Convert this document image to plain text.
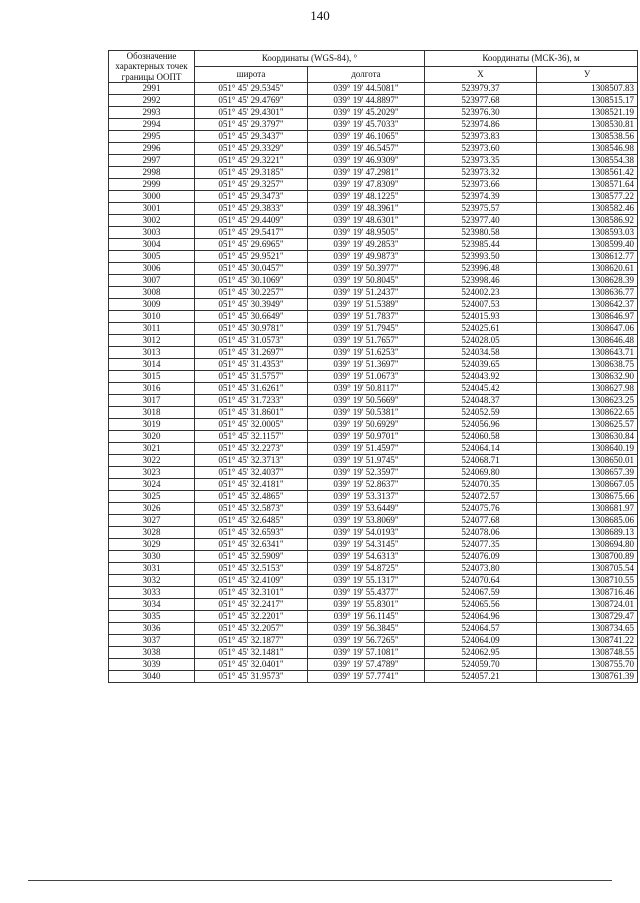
140
Обозначение характерных точек границы ООПТ	Координаты (WGS-84), °		Координаты (МСК-36), м	
	широта	долгота	Х	У
2991	051° 45' 29.5345"	039° 19' 44.5081"	523979.37	1308507.83
2992	051° 45' 29.4769"	039° 19' 44.8897"	523977.68	1308515.17
2993	051° 45' 29.4301"	039° 19' 45.2029"	523976.30	1308521.19
2994	051° 45' 29.3797"	039° 19' 45.7033"	523974.86	1308530.81
2995	051° 45' 29.3437"	039° 19' 46.1065"	523973.83	1308538.56
2996	051° 45' 29.3329"	039° 19' 46.5457"	523973.60	1308546.98
2997	051° 45' 29.3221"	039° 19' 46.9309"	523973.35	1308554.38
2998	051° 45' 29.3185"	039° 19' 47.2981"	523973.32	1308561.42
2999	051° 45' 29.3257"	039° 19' 47.8309"	523973.66	1308571.64
3000	051° 45' 29.3473"	039° 19' 48.1225"	523974.39	1308577.22
3001	051° 45' 29.3833"	039° 19' 48.3961"	523975.57	1308582.46
3002	051° 45' 29.4409"	039° 19' 48.6301"	523977.40	1308586.92
3003	051° 45' 29.5417"	039° 19' 48.9505"	523980.58	1308593.03
3004	051° 45' 29.6965"	039° 19' 49.2853"	523985.44	1308599.40
3005	051° 45' 29.9521"	039° 19' 49.9873"	523993.50	1308612.77
3006	051° 45' 30.0457"	039° 19' 50.3977"	523996.48	1308620.61
3007	051° 45' 30.1069"	039° 19' 50.8045"	523998.46	1308628.39
3008	051° 45' 30.2257"	039° 19' 51.2437"	524002.23	1308636.77
3009	051° 45' 30.3949"	039° 19' 51.5389"	524007.53	1308642.37
3010	051° 45' 30.6649"	039° 19' 51.7837"	524015.93	1308646.97
3011	051° 45' 30.9781"	039° 19' 51.7945"	524025.61	1308647.06
3012	051° 45' 31.0573"	039° 19' 51.7657"	524028.05	1308646.48
3013	051° 45' 31.2697"	039° 19' 51.6253"	524034.58	1308643.71
3014	051° 45' 31.4353"	039° 19' 51.3697"	524039.65	1308638.75
3015	051° 45' 31.5757"	039° 19' 51.0673"	524043.92	1308632.90
3016	051° 45' 31.6261"	039° 19' 50.8117"	524045.42	1308627.98
3017	051° 45' 31.7233"	039° 19' 50.5669"	524048.37	1308623.25
3018	051° 45' 31.8601"	039° 19' 50.5381"	524052.59	1308622.65
3019	051° 45' 32.0005"	039° 19' 50.6929"	524056.96	1308625.57
3020	051° 45' 32.1157"	039° 19' 50.9701"	524060.58	1308630.84
3021	051° 45' 32.2273"	039° 19' 51.4597"	524064.14	1308640.19
3022	051° 45' 32.3713"	039° 19' 51.9745"	524068.71	1308650.01
3023	051° 45' 32.4037"	039° 19' 52.3597"	524069.80	1308657.39
3024	051° 45' 32.4181"	039° 19' 52.8637"	524070.35	1308667.05
3025	051° 45' 32.4865"	039° 19' 53.3137"	524072.57	1308675.66
3026	051° 45' 32.5873"	039° 19' 53.6449"	524075.76	1308681.97
3027	051° 45' 32.6485"	039° 19' 53.8069"	524077.68	1308685.06
3028	051° 45' 32.6593"	039° 19' 54.0193"	524078.06	1308689.13
3029	051° 45' 32.6341"	039° 19' 54.3145"	524077.35	1308694.80
3030	051° 45' 32.5909"	039° 19' 54.6313"	524076.09	1308700.89
3031	051° 45' 32.5153"	039° 19' 54.8725"	524073.80	1308705.54
3032	051° 45' 32.4109"	039° 19' 55.1317"	524070.64	1308710.55
3033	051° 45' 32.3101"	039° 19' 55.4377"	524067.59	1308716.46
3034	051° 45' 32.2417"	039° 19' 55.8301"	524065.56	1308724.01
3035	051° 45' 32.2201"	039° 19' 56.1145"	524064.96	1308729.47
3036	051° 45' 32.2057"	039° 19' 56.3845"	524064.57	1308734.65
3037	051° 45' 32.1877"	039° 19' 56.7265"	524064.09	1308741.22
3038	051° 45' 32.1481"	039° 19' 57.1081"	524062.95	1308748.55
3039	051° 45' 32.0401"	039° 19' 57.4789"	524059.70	1308755.70
3040	051° 45' 31.9573"	039° 19' 57.7741"	524057.21	1308761.39
